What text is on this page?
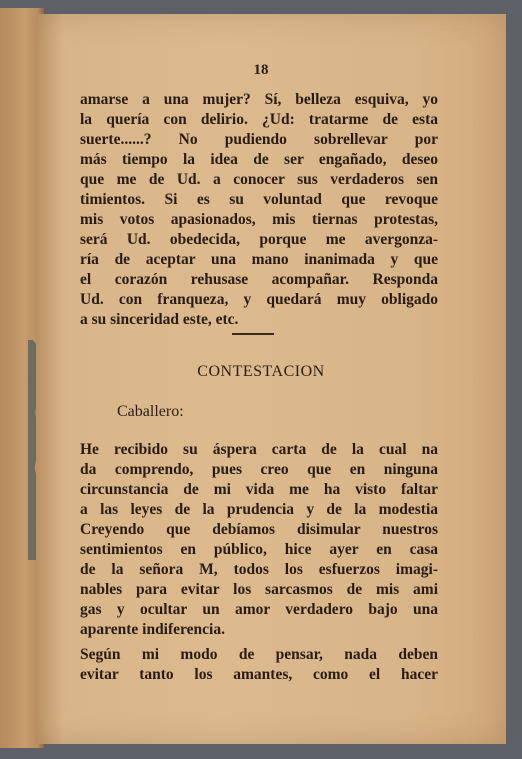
18
amarse a una mujer? Sí, belleza esquiva, yo
la quería con delirio. ¿Ud: tratarme de esta
suerte......? No pudiendo sobrellevar por
más tiempo la idea de ser engañado, deseo
que me de Ud. a conocer sus verdaderos sen
timientos. Si es su voluntad que revoque
mis votos apasionados, mis tiernas protestas,
será Ud. obedecida, porque me avergonza-
ría de aceptar una mano inanimada y que
el corazón rehusase acompañar. Responda
Ud. con franqueza, y quedará muy obligado
a su sinceridad este, etc.
CONTESTACION
Caballero:
He recibido su áspera carta de la cual na
da comprendo, pues creo que en ninguna
circunstancia de mi vida me ha visto faltar
a las leyes de la prudencia y de la modestia
Creyendo que debíamos disimular nuestros
sentimientos en público, hice ayer en casa
de la señora M, todos los esfuerzos imagi-
nables para evitar los sarcasmos de mis ami
gas y ocultar un amor verdadero bajo una
aparente indiferencia.
Según mi modo de pensar, nada deben
evitar tanto los amantes, como el hacer
